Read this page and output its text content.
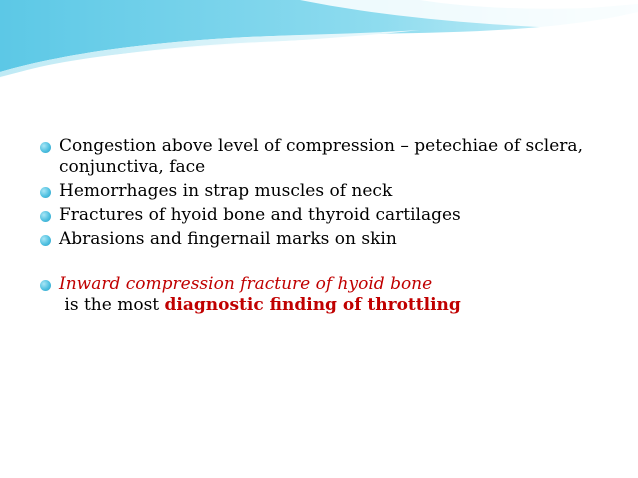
Congestion above level of compression – petechiae of sclera, conjunctiva, face
Hemorrhages in strap muscles of neck
Fractures of hyoid bone and thyroid cartilages
Abrasions and fingernail marks on skin
Inward compression fracture of hyoid bone is the most diagnostic finding of throttling
